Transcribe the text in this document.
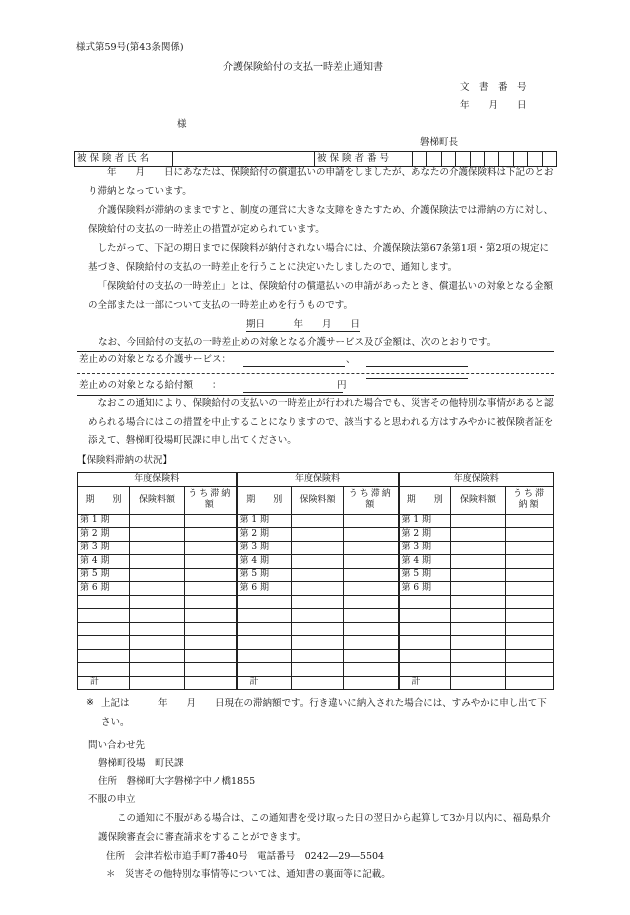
様式第59号(第43条関係)
介護保険給付の支払一時差止通知書
文　書　番　号
年　　月　　日
様
磐梯町長
被保険者氏名		被保険者番号										

年　　月　　日にあなたは、保険給付の償還払いの申請をしましたが、あなたの介護保険料は下記のとおり滞納となっています。

介護保険料が滞納のままですと、制度の運営に大きな支障をきたすため、介護保険法では滞納の方に対し、保険給付の支払の一時差止の措置が定められています。

したがって、下記の期日までに保険料が納付されない場合には、介護保険法第67条第1項・第2項の規定に基づき、保険給付の支払の一時差止を行うことに決定いたしましたので、通知します。

「保険給付の支払の一時差止」とは、保険給付の償還払いの申請があったとき、償還払いの対象となる金額の全部または一部について支払の一時差止めを行うものです。

期日　　　年　　月　　日
なお、今回給付の支払の一時差止めの対象となる介護サービス及び金額は、次のとおりです。
差止めの対象となる介護サービス：	、
差止めの対象となる給付額　　：	円

なおこの通知により、保険給付の支払いの一時差止が行われた場合でも、災害その他特別な事情があると認められる場合にはこの措置を中止することになりますので、該当すると思われる方はすみやかに被保険者証を添えて、磐梯町役場町民課に申し出てください。

【保険料滞納の状況】
年度保険料			年度保険料			年度保険料		
期　　別	保険料額	うち滞納額	期　　別	保険料額	うち滞納額	期　　別	保険料額	うち滞納額
第 1 期			第 1 期			第 1 期		
第 2 期			第 2 期			第 2 期		
第 3 期			第 3 期			第 3 期		
第 4 期			第 4 期			第 4 期		
第 5 期			第 5 期			第 5 期		
第 6 期			第 6 期			第 6 期		

計			計			計		
※ 上記は　　　年　　月　　日現在の滞納額です。行き違いに納入された場合には、すみやかに申し出て下さい。

問い合わせ先
磐梯町役場　町民課
住所　磐梯町大字磐梯字中ノ橋1855
不服の申立

この通知に不服がある場合は、この通知書を受け取った日の翌日から起算して3か月以内に、福島県介護保険審査会に審査請求をすることができます。

住所　会津若松市追手町7番40号　電話番号　0242―29―5504
＊　災害その他特別な事情等については、通知書の裏面等に記載。
